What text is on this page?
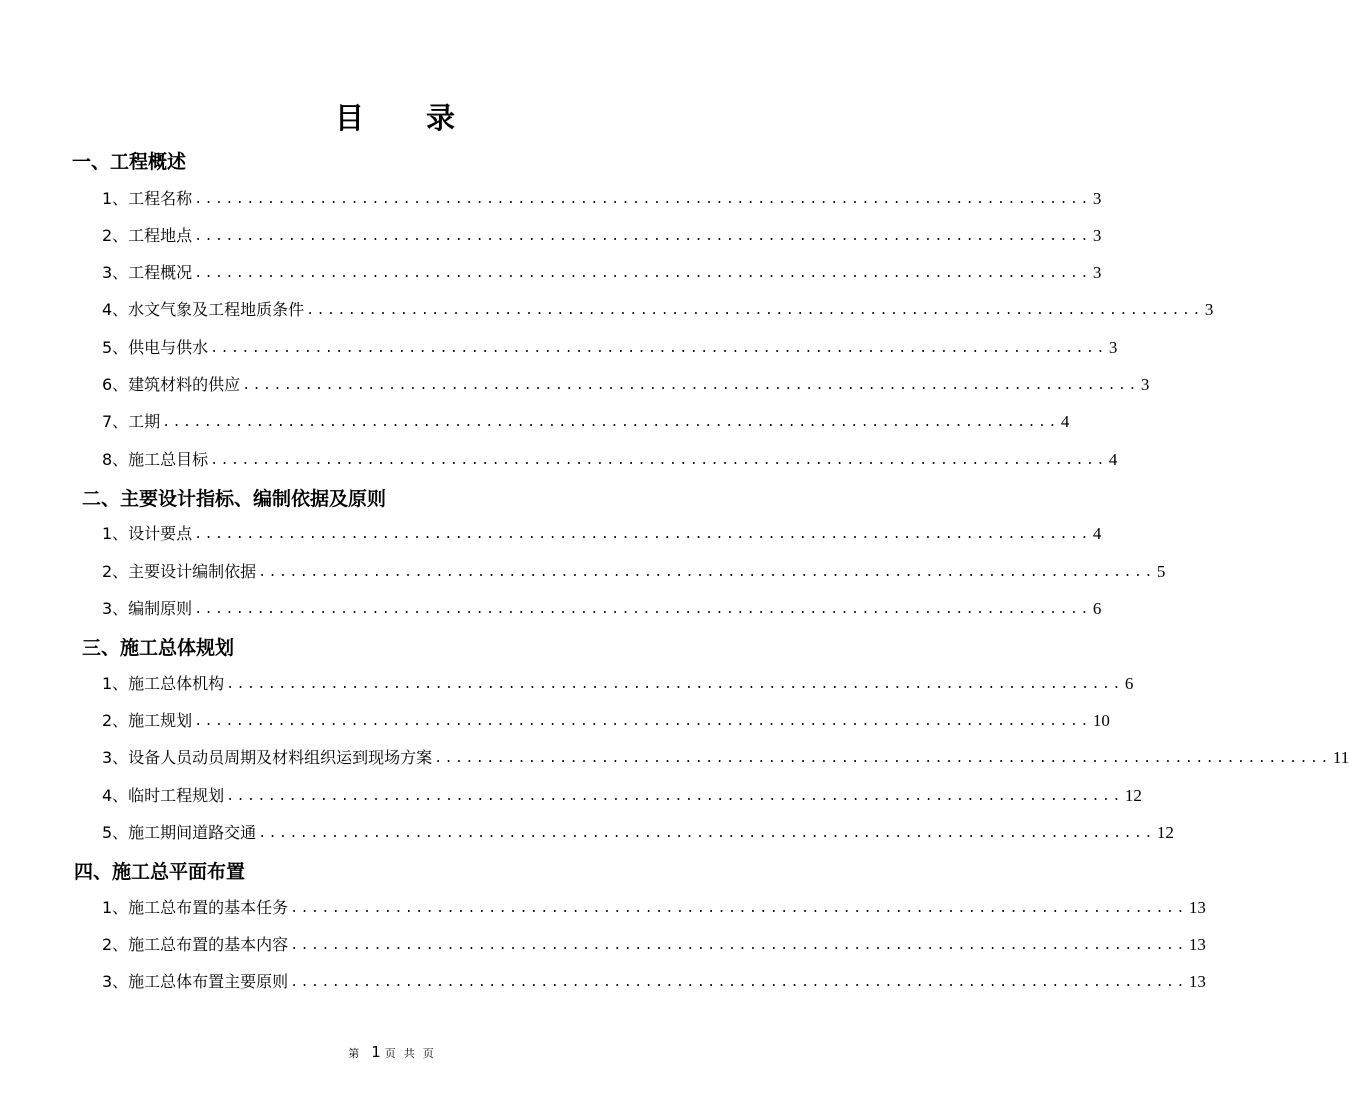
目 录
一、工程概述
1、工程名称 ...................................................................................... 3
2、工程地点 ...................................................................................... 3
3、工程概况 ...................................................................................... 3
4、水文气象及工程地质条件 ...................................................................................... 3
5、供电与供水 ...................................................................................... 3
6、建筑材料的供应 ...................................................................................... 3
7、工期 ...................................................................................... 4
8、施工总目标 ...................................................................................... 4
二、主要设计指标、编制依据及原则
1、设计要点 ...................................................................................... 4
2、主要设计编制依据 ...................................................................................... 5
3、编制原则 ...................................................................................... 6
三、施工总体规划
1、施工总体机构 ...................................................................................... 6
2、施工规划 ...................................................................................... 10
3、设备人员动员周期及材料组织运到现场方案 ...................................................................................... 11
4、临时工程规划 ...................................................................................... 12
5、施工期间道路交通 ...................................................................................... 12
四、施工总平面布置
1、施工总布置的基本任务 ...................................................................................... 13
2、施工总布置的基本内容 ...................................................................................... 13
3、施工总体布置主要原则 ...................................................................................... 13
第 1 页共页
